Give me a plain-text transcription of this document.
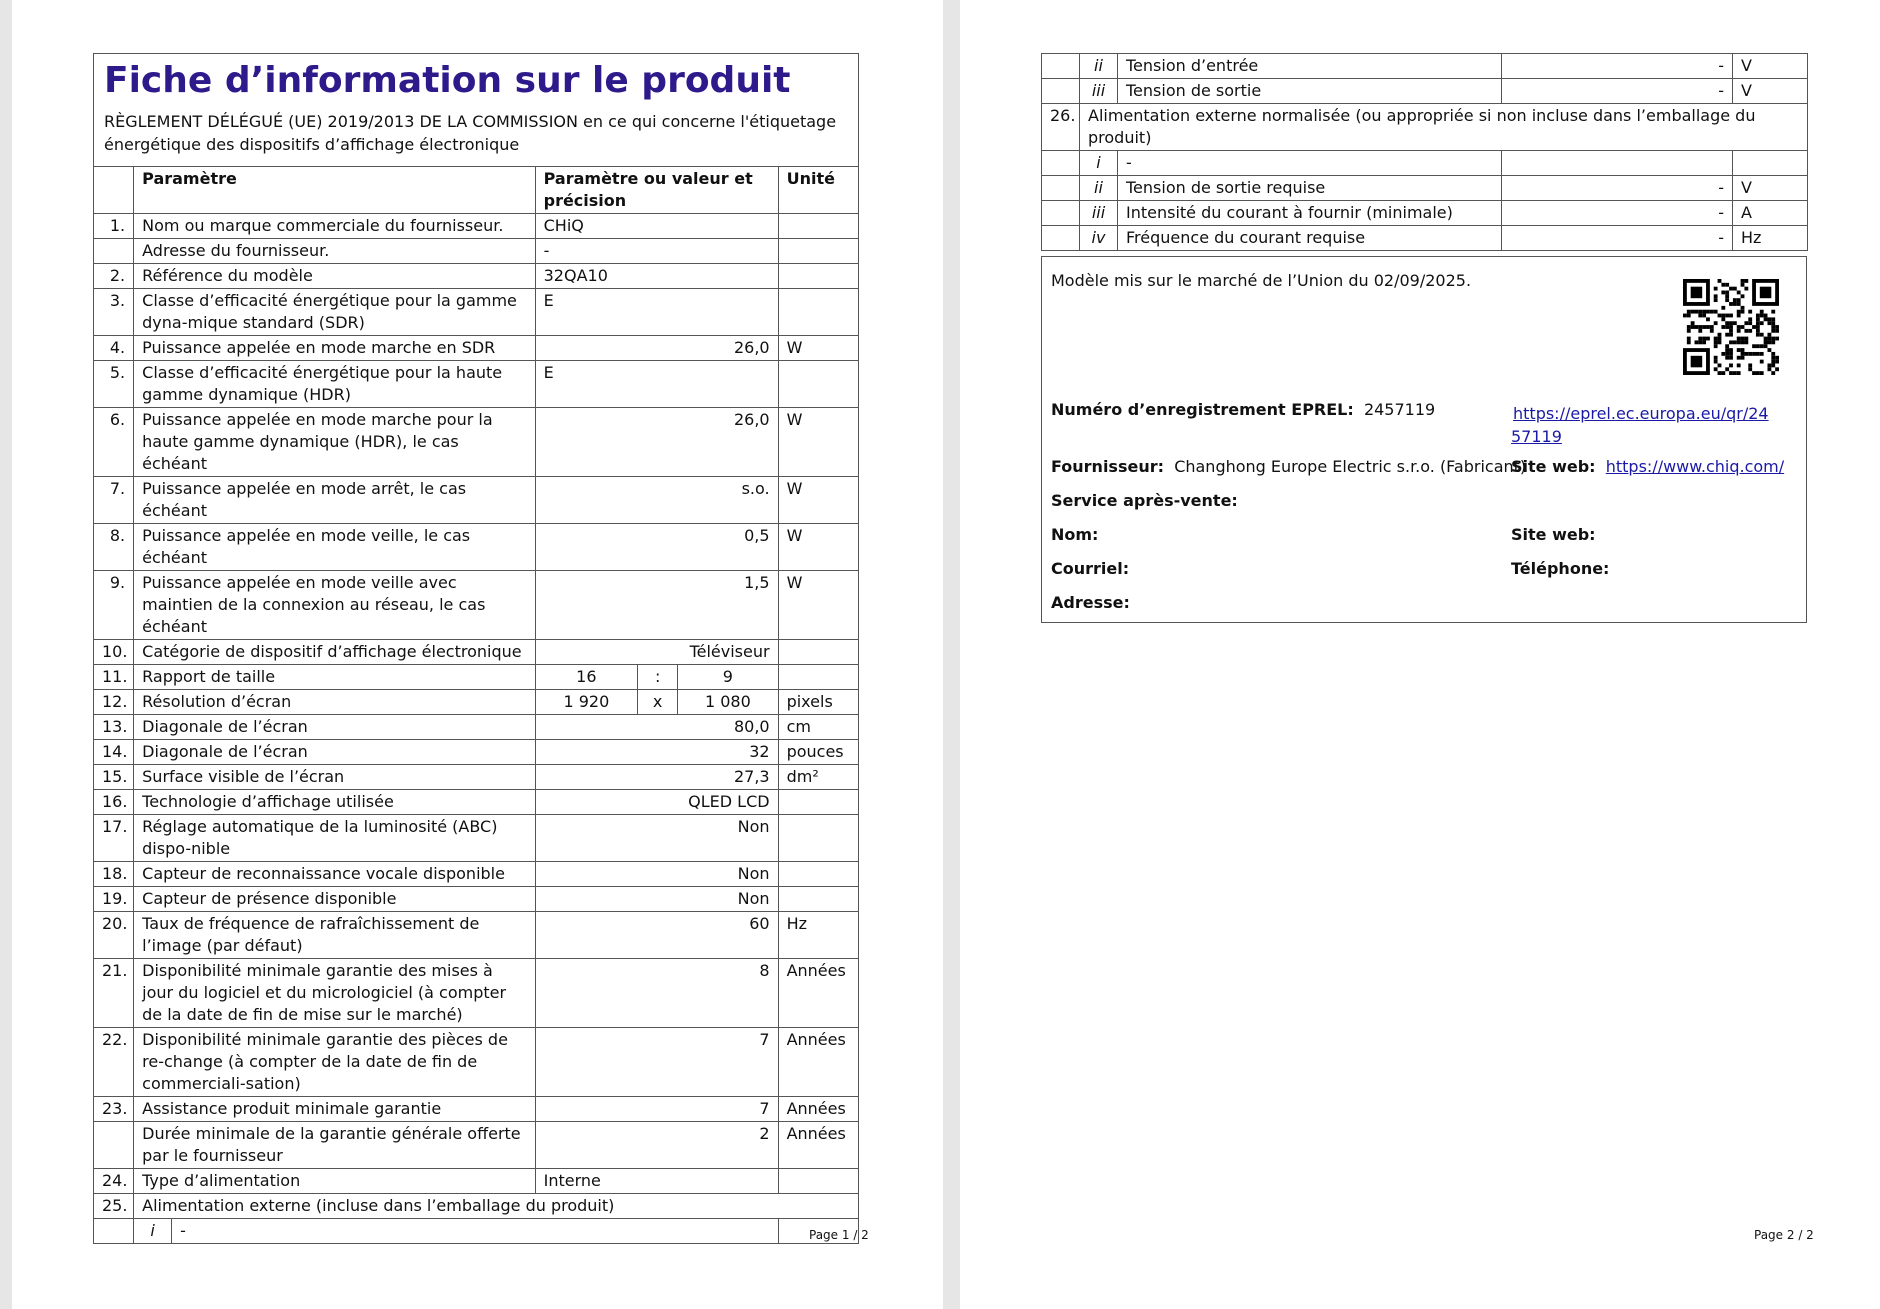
Fiche d’information sur le produit
RÈGLEMENT DÉLÉGUÉ (UE) 2019/2013 DE LA COMMISSION en ce qui concerne l'étiquetage énergétique des dispositifs d’affichage électronique						

	Paramètre		Paramètre ou valeur et précision			Unité
1.	Nom ou marque commerciale du fournisseur.		CHiQ			
	Adresse du fournisseur.		-			
2.	Référence du modèle		32QA10			
3.	Classe d’efficacité énergétique pour la gamme dyna-mique standard (SDR)		E			
4.	Puissance appelée en mode marche en SDR		26,0			W
5.	Classe d’efficacité énergétique pour la haute gamme dynamique (HDR)		E			
6.	Puissance appelée en mode marche pour la haute gamme dynamique (HDR), le cas échéant		26,0			W
7.	Puissance appelée en mode arrêt, le cas échéant		s.o.			W
8.	Puissance appelée en mode veille, le cas échéant		0,5			W
9.	Puissance appelée en mode veille avec maintien de la connexion au réseau, le cas échéant		1,5			W
10.	Catégorie de dispositif d’affichage électronique		Téléviseur			
11.	Rapport de taille		16	:	9	
12.	Résolution d’écran		1 920	x	1 080	pixels
13.	Diagonale de l’écran		80,0			cm
14.	Diagonale de l’écran		32			pouces
15.	Surface visible de l’écran		27,3			dm²
16.	Technologie d’affichage utilisée		QLED LCD			
17.	Réglage automatique de la luminosité (ABC) dispo-nible		Non			
18.	Capteur de reconnaissance vocale disponible		Non			
19.	Capteur de présence disponible		Non			
20.	Taux de fréquence de rafraîchissement de l’image (par défaut)		60			Hz
21.	Disponibilité minimale garantie des mises à jour du logiciel et du micrologiciel (à compter de la date de fin de mise sur le marché)		8			Années
22.	Disponibilité minimale garantie des pièces de re-change (à compter de la date de fin de commerciali-sation)		7			Années
23.	Assistance produit minimale garantie		7			Années
	Durée minimale de la garantie générale offerte par le fournisseur		2			Années
24.	Type d’alimentation		Interne			
25.	Alimentation externe (incluse dans l’emballage du produit)					
	i	-					Page 1 / 2
	ii	Tension d’entrée	-	V
	iii	Tension de sortie	-	V
26.	Alimentation externe normalisée (ou appropriée si non incluse dans l’emballage du produit)			
	i	-		
	ii	Tension de sortie requise	-	V
	iii	Intensité du courant à fournir (minimale)	-	A
	iv	Fréquence du courant requise	-	Hz
Modèle mis sur le marché de l’Union du 02/09/2025.
Numéro d’enregistrement EPREL: 2457119	https://eprel.ec.europa.eu/qr/24
57119
Fournisseur: Changhong Europe Electric s.r.o. (Fabricant)
Site web: https://www.chiq.com/
Service après-vente:
Nom:	Site web:
Courriel:	Téléphone:
Adresse:
Page 2 / 2
